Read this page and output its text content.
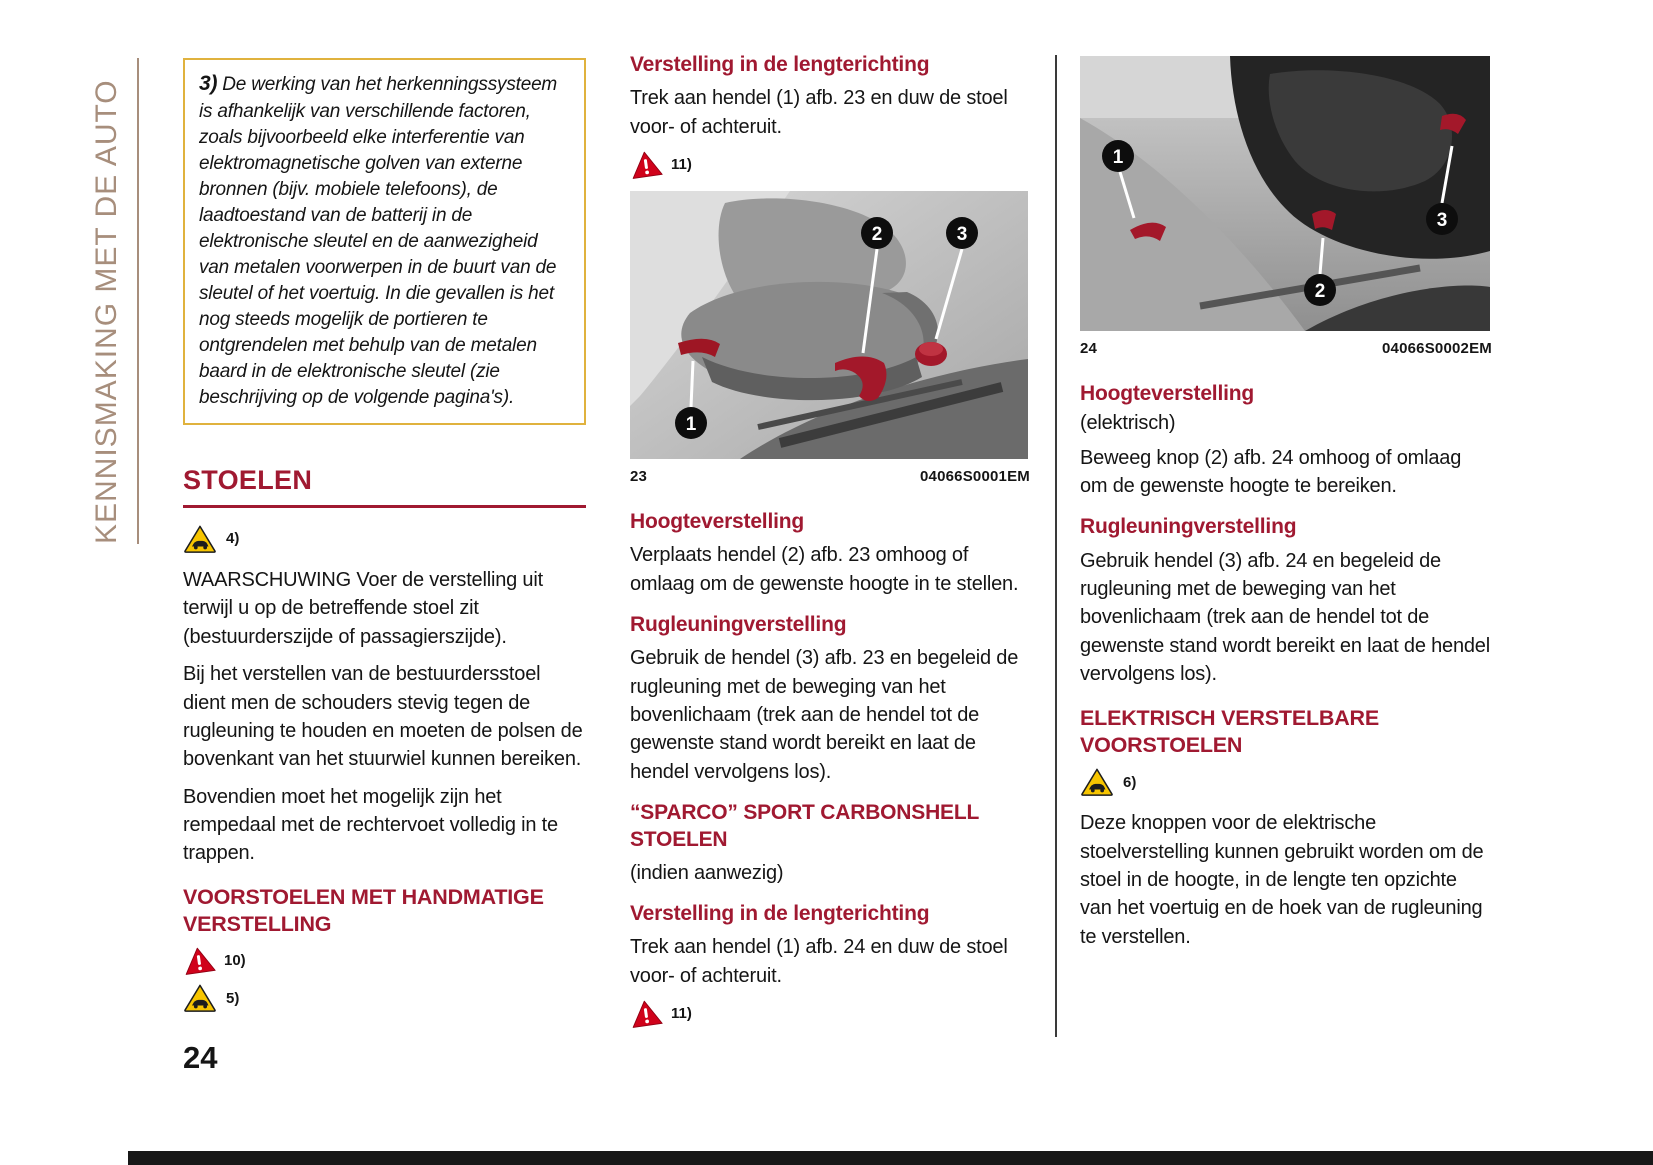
KENNISMAKING MET DE AUTO	3) De werking van het herkenningssysteem is afhankelijk van verschillende factoren, zoals bijvoorbeeld elke interferentie van elektromagnetische golven van externe bronnen (bijv. mobiele telefoons), de laadtoestand van de batterij in de elektronische sleutel en de aanwezigheid van metalen voorwerpen in de buurt van de sleutel of het voertuig. In die gevallen is het nog steeds mogelijk de portieren te ontgrendelen met behulp van de metalen baard in de elektronische sleutel (zie beschrijving op de volgende pagina's).
STOELEN
4)

WAARSCHUWING Voer de verstelling uit terwijl u op de betreffende stoel zit (bestuurderszijde of passagierszijde).

Bij het verstellen van de bestuurdersstoel dient men de schouders stevig tegen de rugleuning te houden en moeten de polsen de bovenkant van het stuurwiel kunnen bereiken.

Bovendien moet het mogelijk zijn het rempedaal met de rechtervoet volledig in te trappen.

VOORSTOELEN MET HANDMATIGE VERSTELLING
10)
5)
Verstelling in de lengterichting

Trek aan hendel (1) afb. 23 en duw de stoel voor- of achteruit.

11)
1
2	3
23	04066S0001EM
Hoogteverstelling

Verplaats hendel (2) afb. 23 omhoog of omlaag om de gewenste hoogte in te stellen.

Rugleuningverstelling

Gebruik de hendel (3) afb. 23 en begeleid de rugleuning met de beweging van het bovenlichaam (trek aan de hendel tot de gewenste stand wordt bereikt en laat de hendel vervolgens los).

“SPARCO” SPORT CARBONSHELL STOELEN

(indien aanwezig)

Verstelling in de lengterichting

Trek aan hendel (1) afb. 24 en duw de stoel voor- of achteruit.

11)
1
2
3
24	04066S0002EM
Hoogteverstelling

(elektrisch)

Beweeg knop (2) afb. 24 omhoog of omlaag om de gewenste hoogte te bereiken.

Rugleuningverstelling

Gebruik hendel (3) afb. 24 en begeleid de rugleuning met de beweging van het bovenlichaam (trek aan de hendel tot de gewenste stand wordt bereikt en laat de hendel vervolgens los).

ELEKTRISCH VERSTELBARE VOORSTOELEN
6)

Deze knoppen voor de elektrische stoelverstelling kunnen gebruikt worden om de stoel in de hoogte, in de lengte ten opzichte van het voertuig en de hoek van de rugleuning te verstellen.

24
